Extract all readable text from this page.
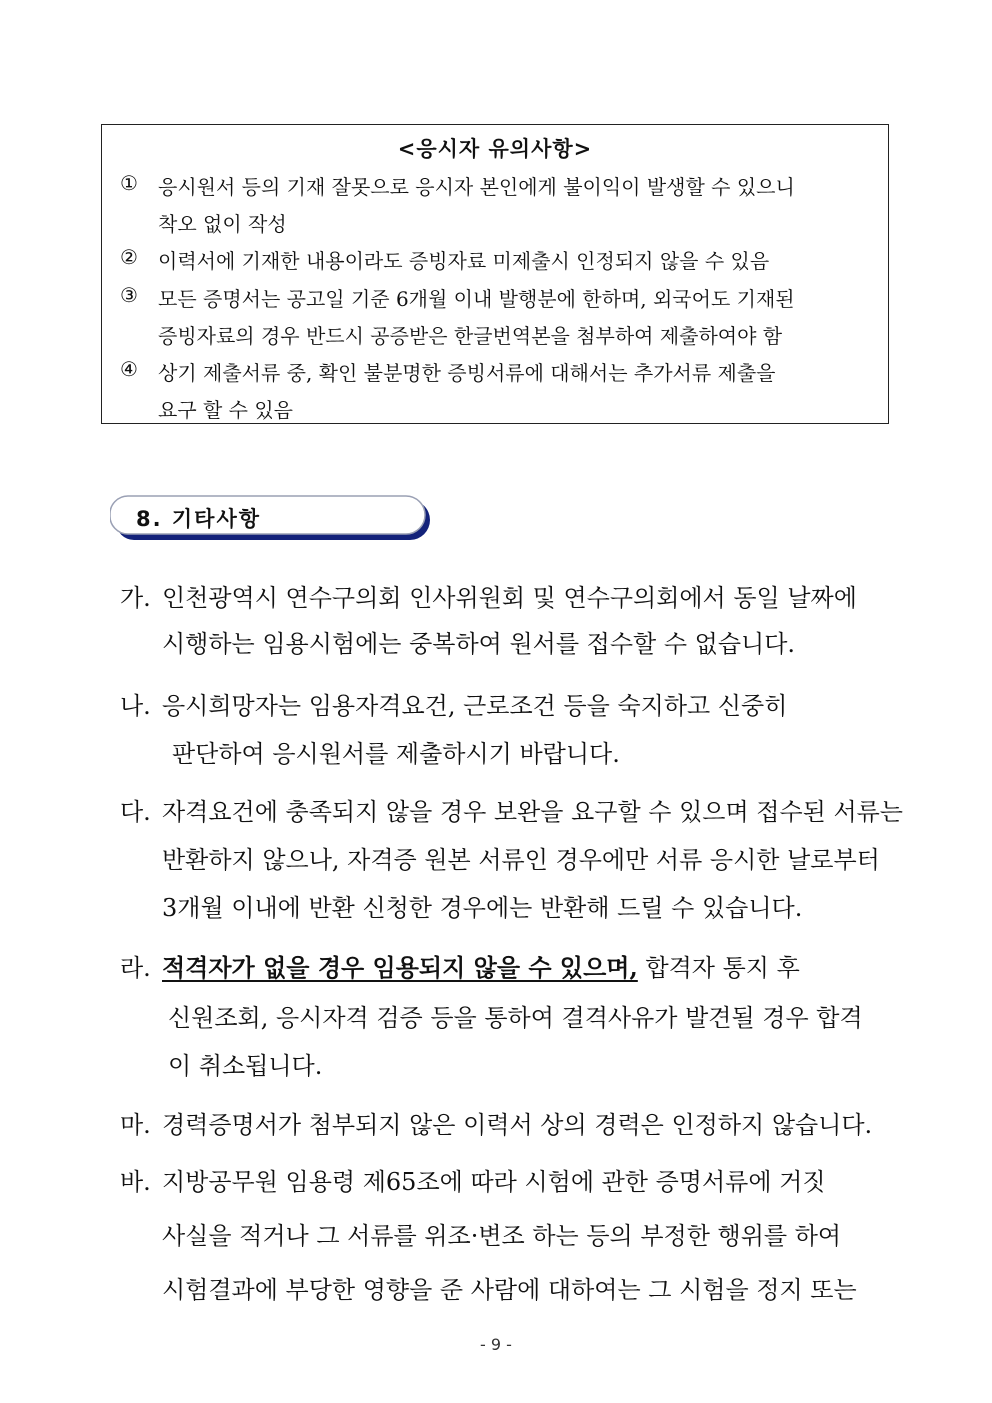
<응시자 유의사항>
① 응시원서 등의 기재 잘못으로 응시자 본인에게 불이익이 발생할 수 있으니
착오 없이 작성
② 이력서에 기재한 내용이라도 증빙자료 미제출시 인정되지 않을 수 있음
③ 모든 증명서는 공고일 기준 6개월 이내 발행분에 한하며, 외국어도 기재된
증빙자료의 경우 반드시 공증받은 한글번역본을 첨부하여 제출하여야 함
④ 상기 제출서류 중, 확인 불분명한 증빙서류에 대해서는 추가서류 제출을
요구 할 수 있음
8. 기타사항
가. 인천광역시 연수구의회 인사위원회 및 연수구의회에서 동일 날짜에
시행하는 임용시험에는 중복하여 원서를 접수할 수 없습니다.
나. 응시희망자는 임용자격요건, 근로조건 등을 숙지하고 신중히
판단하여 응시원서를 제출하시기 바랍니다.
다. 자격요건에 충족되지 않을 경우 보완을 요구할 수 있으며 접수된 서류는
반환하지 않으나, 자격증 원본 서류인 경우에만 서류 응시한 날로부터
3개월 이내에 반환 신청한 경우에는 반환해 드릴 수 있습니다.
라. 적격자가 없을 경우 임용되지 않을 수 있으며, 합격자 통지 후
신원조회, 응시자격 검증 등을 통하여 결격사유가 발견될 경우 합격
이 취소됩니다.
마. 경력증명서가 첨부되지 않은 이력서 상의 경력은 인정하지 않습니다.
바. 지방공무원 임용령 제65조에 따라 시험에 관한 증명서류에 거짓
사실을 적거나 그 서류를 위조·변조 하는 등의 부정한 행위를 하여
시험결과에 부당한 영향을 준 사람에 대하여는 그 시험을 정지 또는
- 9 -
